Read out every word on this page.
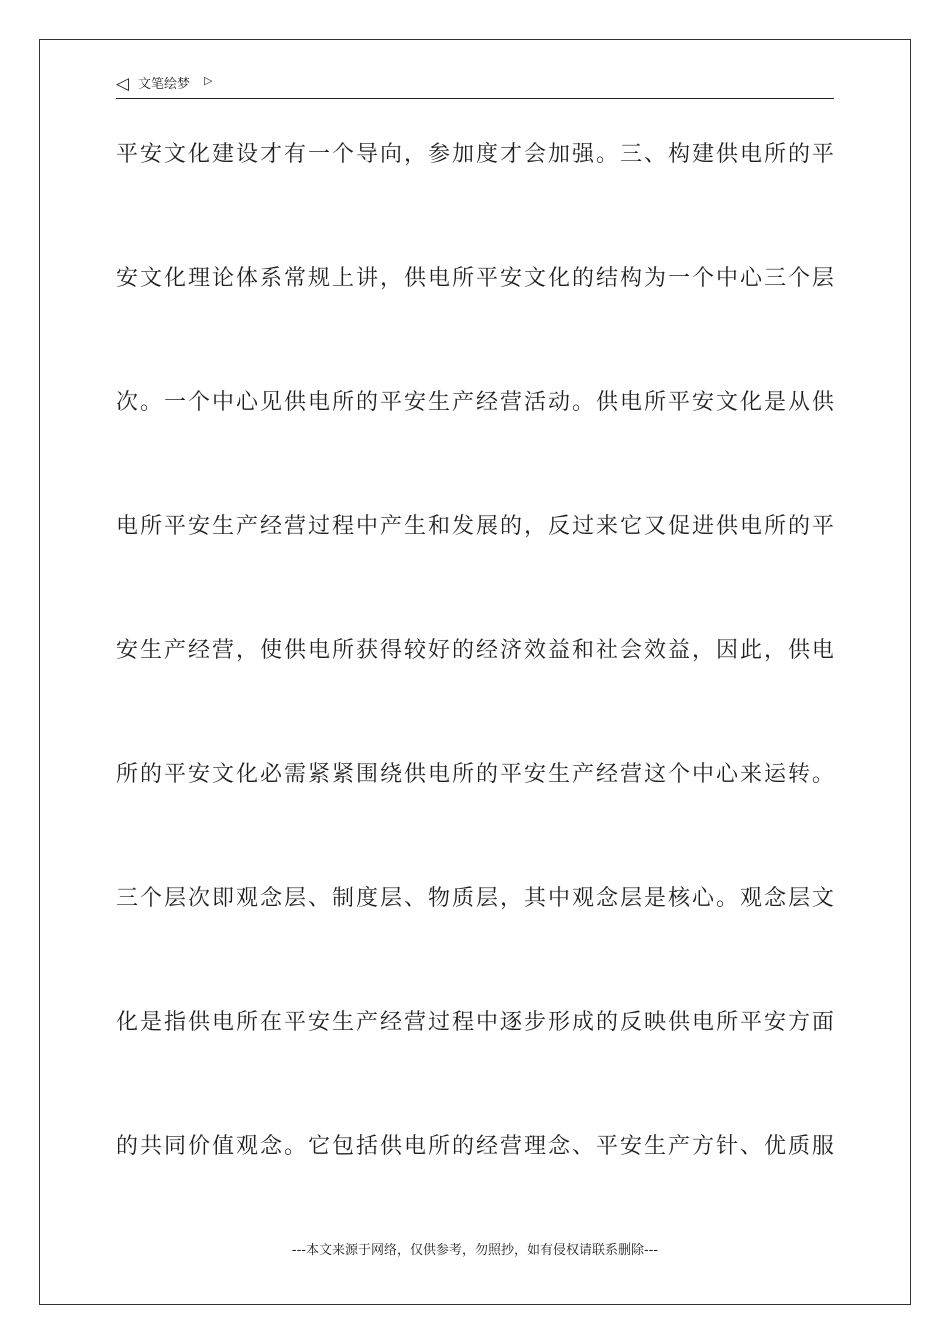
◁ 文笔绘梦 ▷
平安文化建设才有一个导向，参加度才会加强。三、构建供电所的平
安文化理论体系常规上讲，供电所平安文化的结构为一个中心三个层
次。一个中心见供电所的平安生产经营活动。供电所平安文化是从供
电所平安生产经营过程中产生和发展的，反过来它又促进供电所的平
安生产经营，使供电所获得较好的经济效益和社会效益，因此，供电
所的平安文化必需紧紧围绕供电所的平安生产经营这个中心来运转。
三个层次即观念层、制度层、物质层，其中观念层是核心。观念层文
化是指供电所在平安生产经营过程中逐步形成的反映供电所平安方面
的共同价值观念。它包括供电所的经营理念、平安生产方针、优质服
---本文来源于网络，仅供参考，勿照抄，如有侵权请联系删除---
